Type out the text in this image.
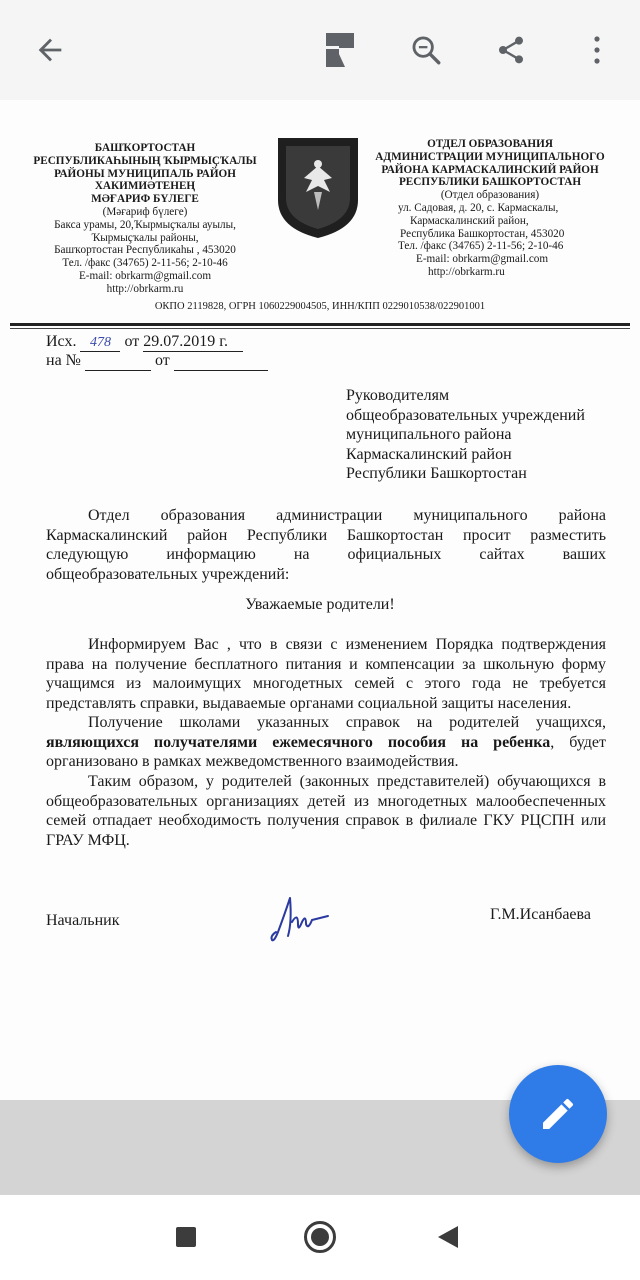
БАШҠОРТОСТАН
РЕСПУБЛИКАҺЫНЫҢ ҠЫРМЫҪҠАЛЫ
РАЙОНЫ МУНИЦИПАЛЬ РАЙОН
ХАКИМИӘТЕНЕҢ
МӘҒАРИФ БҮЛЕГЕ
(Мәғариф бүлеге)
Бакса урамы, 20,Ҡырмыҫҡалы ауылы,
Ҡырмыҫҡалы районы,
Башҡортостан Республикаһы , 453020
Тел. /факс (34765) 2-11-56; 2-10-46
E-mail: obrkarm@gmail.com
http://obrkarm.ru
ОТДЕЛ ОБРАЗОВАНИЯ
АДМИНИСТРАЦИИ МУНИЦИПАЛЬНОГО
РАЙОНА КАРМАСКАЛИНСКИЙ РАЙОН
РЕСПУБЛИКИ БАШКОРТОСТАН
(Отдел образования)
ул. Садовая, д. 20, с. Кармаскалы,
Кармаскалинский район,
Республика Башкортостан, 453020
Тел. /факс (34765) 2-11-56; 2-10-46
E-mail: obrkarm@gmail.com
http://obrkarm.ru
ОКПО 2119828, ОГРН 1060229004505, ИНН/КПП 0229010538/022901001
Исх. 478 от 29.07.2019 г.
на №	от
Руководителям
общеобразовательных учреждений
муниципального района
Кармаскалинский район
Республики Башкортостан
Отдел образования администрации муниципального района
Кармаскалинский район Республики Башкортостан просит разместить
следующую информацию на официальных сайтах ваших
общеобразовательных учреждений:
Уважаемые родители!
Информируем Вас , что в связи с изменением Порядка подтверждения права на получение бесплатного питания и компенсации за школьную форму учащимся из малоимущих многодетных семей с этого года не требуется представлять справки, выдаваемые органами социальной защиты населения.
Получение школами указанных справок на родителей учащихся, являющихся получателями ежемесячного пособия на ребенка, будет организовано в рамках межведомственного взаимодействия.
Таким образом, у родителей (законных представителей) обучающихся в общеобразовательных организациях детей из многодетных малообеспеченных семей отпадает необходимость получения справок в филиале ГКУ РЦСПН или ГРАУ МФЦ.
Начальник	Г.М.Исанбаева
